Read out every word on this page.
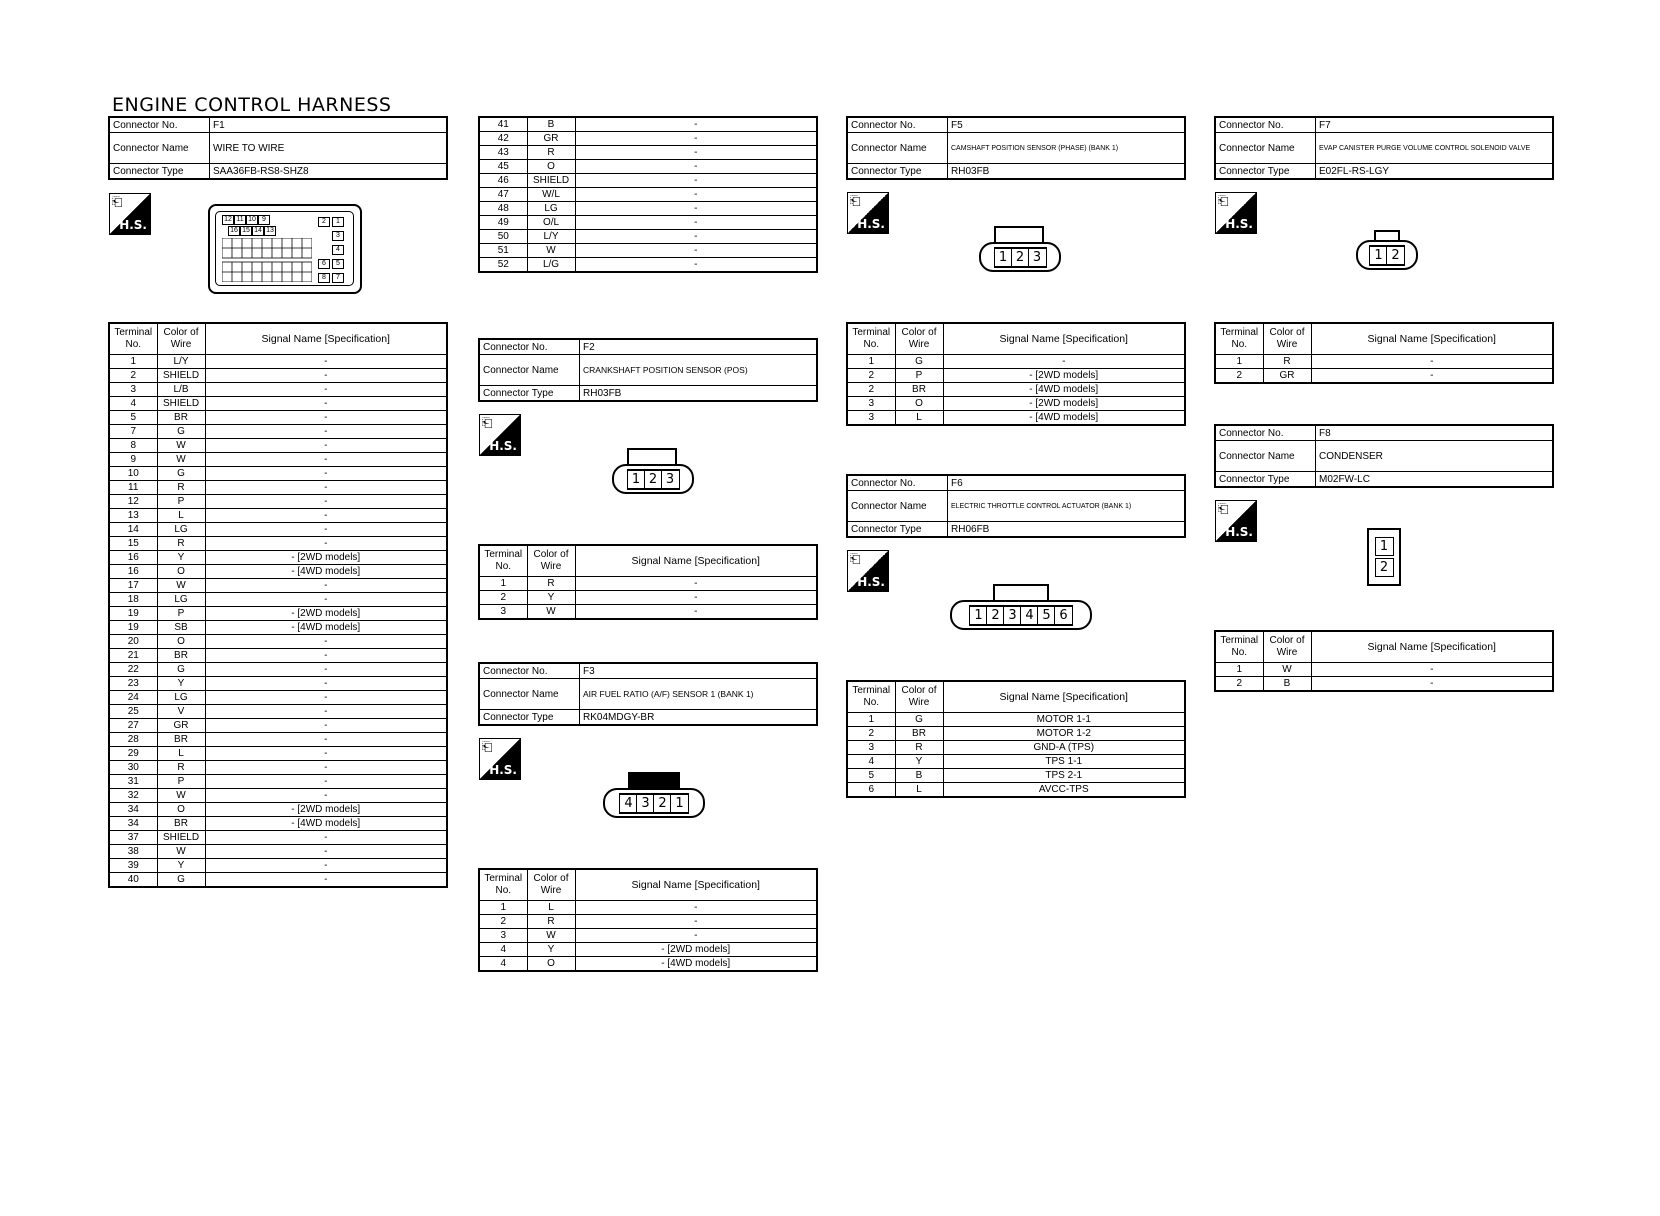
ENGINE CONTROL HARNESS
Connector No.	F1
Connector Name	WIRE TO WIRE
Connector Type	SAA36FB-RS8-SHZ8
⎗
H.S.	12 11 10 9
16 15 14 13
2	1
3
4
6	5
8	7
Terminal No.	Color of Wire	Signal Name [Specification]
1	L/Y	-
2	SHIELD	-
3	L/B	-
4	SHIELD	-
5	BR	-
7	G	-
8	W	-
9	W	-
10	G	-
11	R	-
12	P	-
13	L	-
14	LG	-
15	R	-
16	Y	- [2WD models]
16	O	- [4WD models]
17	W	-
18	LG	-
19	P	- [2WD models]
19	SB	- [4WD models]
20	O	-
21	BR	-
22	G	-
23	Y	-
24	LG	-
25	V	-
27	GR	-
28	BR	-
29	L	-
30	R	-
31	P	-
32	W	-
34	O	- [2WD models]
34	BR	- [4WD models]
37	SHIELD	-
38	W	-
39	Y	-
40	G	-
41	B	-
42	GR	-
43	R	-
45	O	-
46	SHIELD	-
47	W/L	-
48	LG	-
49	O/L	-
50	L/Y	-
51	W	-
52	L/G	-
Connector No.	F2
Connector Name	CRANKSHAFT POSITION SENSOR (POS)
Connector Type	RH03FB
⎗
H.S.
1 2 3
Terminal No.	Color of Wire	Signal Name [Specification]
1	R	-
2	Y	-
3	W	-
Connector No.	F3
Connector Name	AIR FUEL RATIO (A/F) SENSOR 1 (BANK 1)
Connector Type	RK04MDGY-BR
⎗
H.S.
4 3 2 1
Terminal No.	Color of Wire	Signal Name [Specification]
1	L	-
2	R	-
3	W	-
4	Y	- [2WD models]
4	O	- [4WD models]
Connector No.	F5
Connector Name	CAMSHAFT POSITION SENSOR (PHASE) (BANK 1)
Connector Type	RH03FB
⎗
H.S.
1 2 3
Terminal No.	Color of Wire	Signal Name [Specification]
1	G	-
2	P	- [2WD models]
2	BR	- [4WD models]
3	O	- [2WD models]
3	L	- [4WD models]
Connector No.	F6
Connector Name	ELECTRIC THROTTLE CONTROL ACTUATOR (BANK 1)
Connector Type	RH06FB
⎗
H.S.
1 2 3 4 5 6
Terminal No.	Color of Wire	Signal Name [Specification]
1	G	MOTOR 1-1
2	BR	MOTOR 1-2
3	R	GND-A (TPS)
4	Y	TPS 1-1
5	B	TPS 2-1
6	L	AVCC-TPS
Connector No.	F7
Connector Name	EVAP CANISTER PURGE VOLUME CONTROL SOLENOID VALVE
Connector Type	E02FL-RS-LGY
⎗
H.S.
1 2
Terminal No.	Color of Wire	Signal Name [Specification]
1	R	-
2	GR	-
Connector No.	F8
Connector Name	CONDENSER
Connector Type	M02FW-LC
⎗
H.S.
1
2
Terminal No.	Color of Wire	Signal Name [Specification]
1	W	-
2	B	-
